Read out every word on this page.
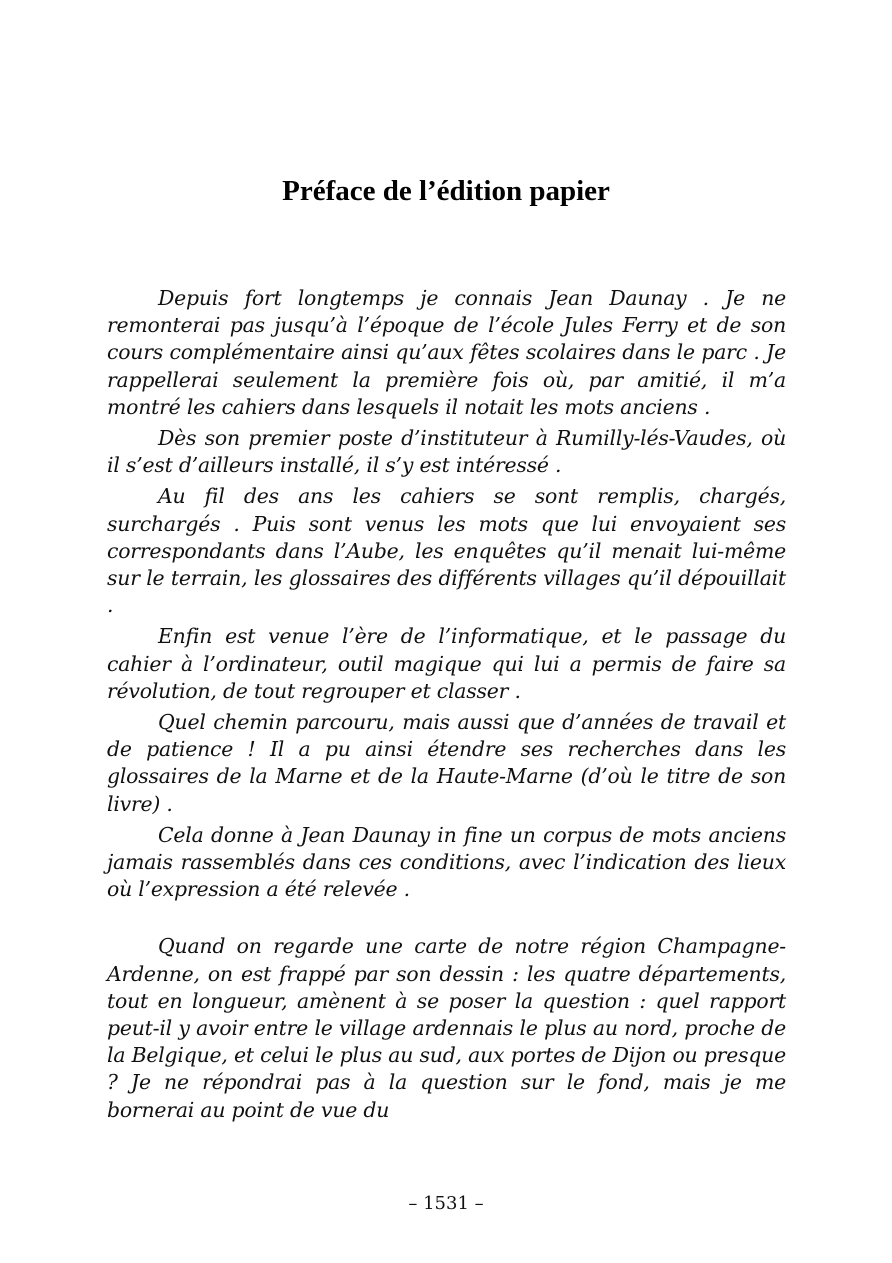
Préface de l’édition papier

Depuis fort longtemps je connais Jean Daunay . Je ne remonterai pas jusqu’à l’époque de l’école Jules Ferry et de son cours complémentaire ainsi qu’aux fêtes scolaires dans le parc . Je rappellerai seulement la première fois où, par amitié, il m’a montré les cahiers dans lesquels il notait les mots anciens .

Dès son premier poste d’instituteur à Rumilly-lés-Vaudes, où il s’est d’ailleurs installé, il s’y est intéressé .

Au fil des ans les cahiers se sont remplis, chargés, surchargés . Puis sont venus les mots que lui envoyaient ses correspondants dans l’Aube, les enquêtes qu’il menait lui-même sur le terrain, les glossaires des différents villages qu’il dépouillait .

Enfin est venue l’ère de l’informatique, et le passage du cahier à l’ordinateur, outil magique qui lui a permis de faire sa révolution, de tout regrouper et classer .

Quel chemin parcouru, mais aussi que d’années de travail et de patience ! Il a pu ainsi étendre ses recherches dans les glossaires de la Marne et de la Haute-Marne (d’où le titre de son livre) .

Cela donne à Jean Daunay in fine un corpus de mots anciens jamais rassemblés dans ces conditions, avec l’indication des lieux où l’expression a été relevée .

Quand on regarde une carte de notre région Champagne-Ardenne, on est frappé par son dessin : les quatre départements, tout en longueur, amènent à se poser la question : quel rapport peut-il y avoir entre le village ardennais le plus au nord, proche de la Belgique, et celui le plus au sud, aux portes de Dijon ou presque ? Je ne répondrai pas à la question sur le fond, mais je me bornerai au point de vue du

– 1531 –
